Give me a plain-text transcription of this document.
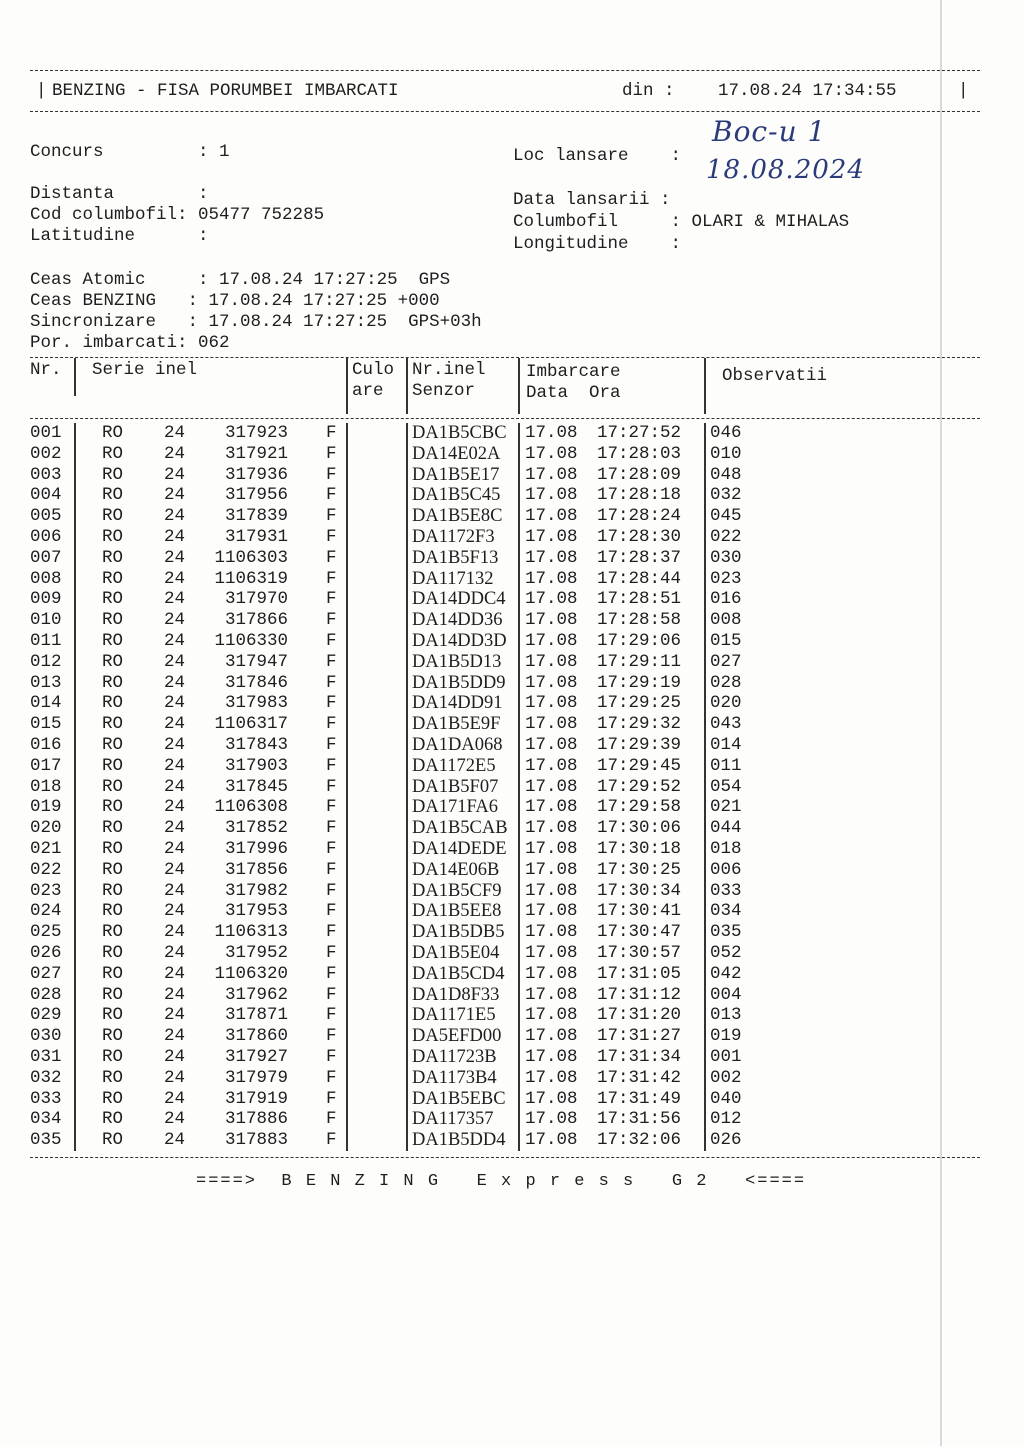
| BENZING - FISA PORUMBEI IMBARCATI	din :	17.08.24 17:34:55	|
Concurs         : 1	Loc lansare    :
Boc-u 1
Distanta        :
Cod columbofil: 05477 752285
Latitudine      :
Data lansarii :
18.08.2024
Columbofil     : OLARI & MIHALAS
Longitudine    :
Ceas Atomic     : 17.08.24 17:27:25  GPS
Ceas BENZING   : 17.08.24 17:27:25 +000
Sincronizare   : 17.08.24 17:27:25  GPS+03h
Por. imbarcati: 062
Nr. Serie inel	Culo
are
Nr.inel
Senzor
Imbarcare
Data  Ora
Observatii
001 RO 24	317923 F	DA1B5CBC 17.08 17:27:52 046
002 RO 24	317921 F	DA14E02A 17.08 17:28:03 010
003 RO 24	317936 F	DA1B5E17 17.08 17:28:09 048
004 RO 24	317956 F	DA1B5C45 17.08 17:28:18 032
005 RO 24	317839 F	DA1B5E8C 17.08 17:28:24 045
006 RO 24	317931 F	DA1172F3 17.08 17:28:30 022
007 RO 24	1106303 F	DA1B5F13 17.08 17:28:37 030
008 RO 24	1106319 F	DA117132 17.08 17:28:44 023
009 RO 24	317970 F	DA14DDC4 17.08 17:28:51 016
010 RO 24	317866 F	DA14DD36 17.08 17:28:58 008
011 RO 24	1106330 F	DA14DD3D 17.08 17:29:06 015
012 RO 24	317947 F	DA1B5D13 17.08 17:29:11 027
013 RO 24	317846 F	DA1B5DD9 17.08 17:29:19 028
014 RO 24	317983 F	DA14DD91 17.08 17:29:25 020
015 RO 24	1106317 F	DA1B5E9F 17.08 17:29:32 043
016 RO 24	317843 F	DA1DA068 17.08 17:29:39 014
017 RO 24	317903 F	DA1172E5 17.08 17:29:45 011
018 RO 24	317845 F	DA1B5F07 17.08 17:29:52 054
019 RO 24	1106308 F	DA171FA6 17.08 17:29:58 021
020 RO 24	317852 F	DA1B5CAB 17.08 17:30:06 044
021 RO 24	317996 F	DA14DEDE 17.08 17:30:18 018
022 RO 24	317856 F	DA14E06B 17.08 17:30:25 006
023 RO 24	317982 F	DA1B5CF9 17.08 17:30:34 033
024 RO 24	317953 F	DA1B5EE8 17.08 17:30:41 034
025 RO 24	1106313 F	DA1B5DB5 17.08 17:30:47 035
026 RO 24	317952 F	DA1B5E04 17.08 17:30:57 052
027 RO 24	1106320 F	DA1B5CD4 17.08 17:31:05 042
028 RO 24	317962 F	DA1D8F33 17.08 17:31:12 004
029 RO 24	317871 F	DA1171E5 17.08 17:31:20 013
030 RO 24	317860 F	DA5EFD00 17.08 17:31:27 019
031 RO 24	317927 F	DA11723B 17.08 17:31:34 001
032 RO 24	317979 F	DA1173B4 17.08 17:31:42 002
033 RO 24	317919 F	DA1B5EBC 17.08 17:31:49 040
034 RO 24	317886 F	DA117357 17.08 17:31:56 012
035 RO 24	317883 F	DA1B5DD4 17.08 17:32:06 026
====>  B E N Z I N G   E x p r e s s   G 2   <====
